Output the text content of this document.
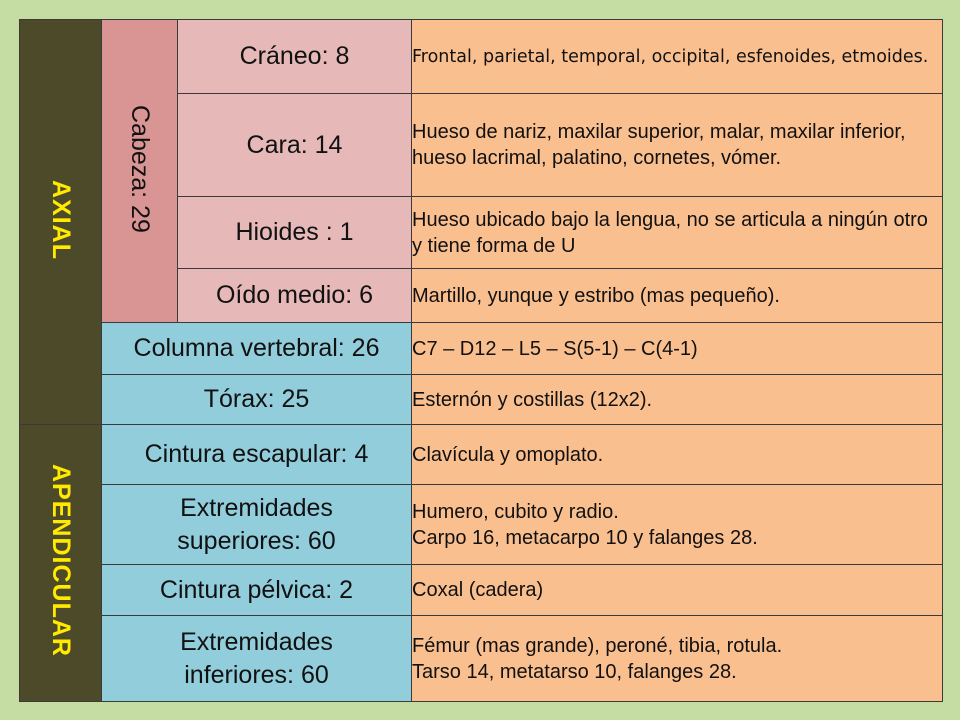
AXIAL	Cabeza: 29	Cráneo: 8	Frontal, parietal, temporal, occipital, esfenoides, etmoides.
		Cara: 14	Hueso de nariz, maxilar superior, malar, maxilar inferior, hueso lacrimal, palatino, cornetes, vómer.
		Hioides : 1	Hueso ubicado bajo la lengua, no se articula a ningún otro y tiene forma de U
		Oído medio: 6	Martillo, yunque y estribo (mas pequeño).
	Columna vertebral: 26		C7 – D12 – L5 – S(5-1) – C(4-1)
	Tórax: 25		Esternón y costillas (12x2).
APENDICULAR	Cintura escapular: 4		Clavícula y omoplato.

	Extremidades
superiores: 60		Humero, cubito y radio.
Carpo 16, metacarpo 10 y falanges 28.

	Cintura pélvica: 2		Coxal (cadera)

	Extremidades
inferiores: 60		Fémur (mas grande), peroné, tibia, rotula.
Tarso 14, metatarso 10, falanges 28.
